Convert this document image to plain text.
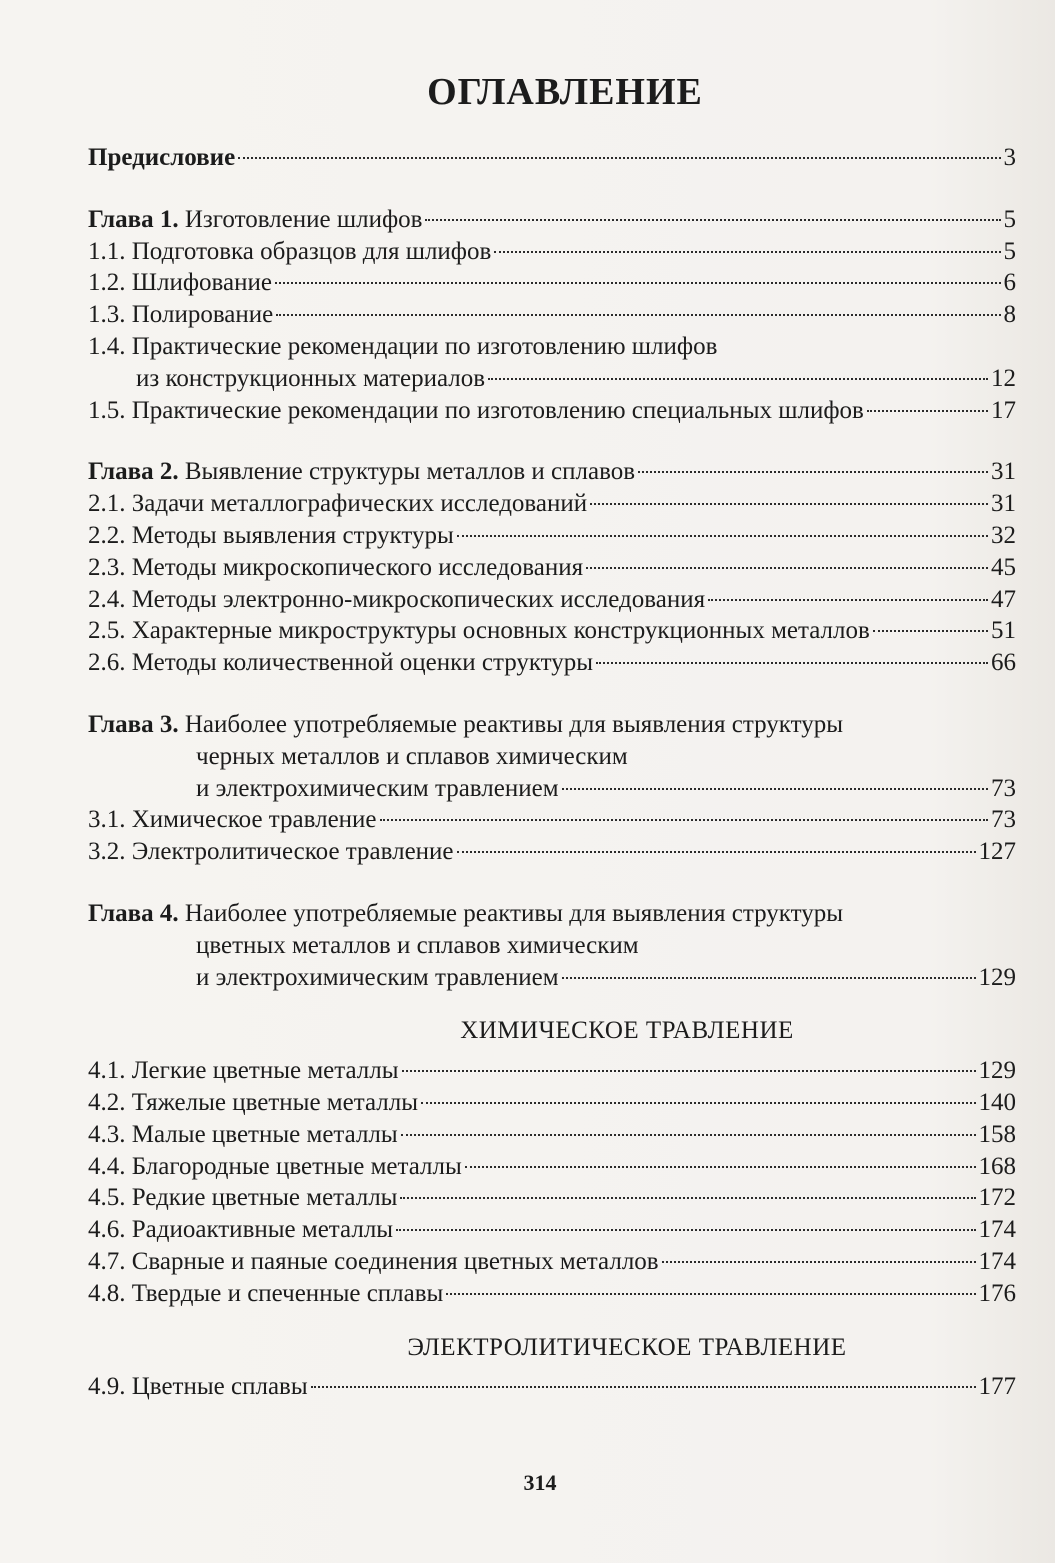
ОГЛАВЛЕНИЕ
Предисловие	3
Глава 1. Изготовление шлифов	5
1.1. Подготовка образцов для шлифов	5
1.2. Шлифование	6
1.3. Полирование	8
1.4. Практические рекомендации по изготовлению шлифов
из конструкционных материалов	12
1.5. Практические рекомендации по изготовлению специальных шлифов	17
Глава 2. Выявление структуры металлов и сплавов	31
2.1. Задачи металлографических исследований	31
2.2. Методы выявления структуры	32
2.3. Методы микроскопического исследования	45
2.4. Методы электронно-микроскопических исследования	47
2.5. Характерные микроструктуры основных конструкционных металлов	51
2.6. Методы количественной оценки структуры	66
Глава 3. Наиболее употребляемые реактивы для выявления структуры
черных металлов и сплавов химическим
и электрохимическим травлением	73
3.1. Химическое травление	73
3.2. Электролитическое травление	127
Глава 4. Наиболее употребляемые реактивы для выявления структуры
цветных металлов и сплавов химическим
и электрохимическим травлением	129
ХИМИЧЕСКОЕ ТРАВЛЕНИЕ
4.1. Легкие цветные металлы	129
4.2. Тяжелые цветные металлы	140
4.3. Малые цветные металлы	158
4.4. Благородные цветные металлы	168
4.5. Редкие цветные металлы	172
4.6. Радиоактивные металлы	174
4.7. Сварные и паяные соединения цветных металлов	174
4.8. Твердые и спеченные сплавы	176
ЭЛЕКТРОЛИТИЧЕСКОЕ ТРАВЛЕНИЕ
4.9. Цветные сплавы	177
314
